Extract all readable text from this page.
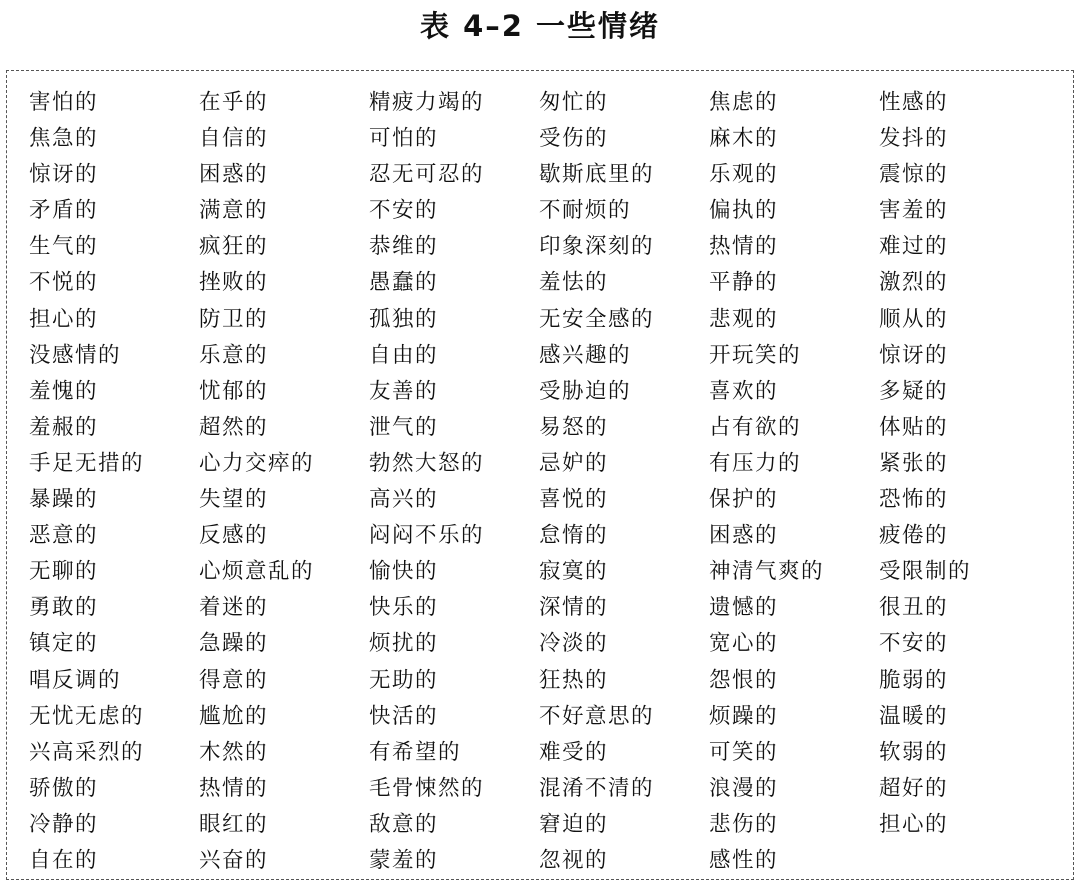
表 4–2 一些情绪
害怕的	在乎的	精疲力竭的	匆忙的	焦虑的	性感的
焦急的	自信的	可怕的	受伤的	麻木的	发抖的
惊讶的	困惑的	忍无可忍的	歇斯底里的	乐观的	震惊的
矛盾的	满意的	不安的	不耐烦的	偏执的	害羞的
生气的	疯狂的	恭维的	印象深刻的	热情的	难过的
不悦的	挫败的	愚蠢的	羞怯的	平静的	激烈的
担心的	防卫的	孤独的	无安全感的	悲观的	顺从的
没感情的	乐意的	自由的	感兴趣的	开玩笑的	惊讶的
羞愧的	忧郁的	友善的	受胁迫的	喜欢的	多疑的
羞赧的	超然的	泄气的	易怒的	占有欲的	体贴的
手足无措的	心力交瘁的	勃然大怒的	忌妒的	有压力的	紧张的
暴躁的	失望的	高兴的	喜悦的	保护的	恐怖的
恶意的	反感的	闷闷不乐的	怠惰的	困惑的	疲倦的
无聊的	心烦意乱的	愉快的	寂寞的	神清气爽的	受限制的
勇敢的	着迷的	快乐的	深情的	遗憾的	很丑的
镇定的	急躁的	烦扰的	冷淡的	宽心的	不安的
唱反调的	得意的	无助的	狂热的	怨恨的	脆弱的
无忧无虑的	尴尬的	快活的	不好意思的	烦躁的	温暖的
兴高采烈的	木然的	有希望的	难受的	可笑的	软弱的
骄傲的	热情的	毛骨悚然的	混淆不清的	浪漫的	超好的
冷静的	眼红的	敌意的	窘迫的	悲伤的	担心的
自在的	兴奋的	蒙羞的	忽视的	感性的
